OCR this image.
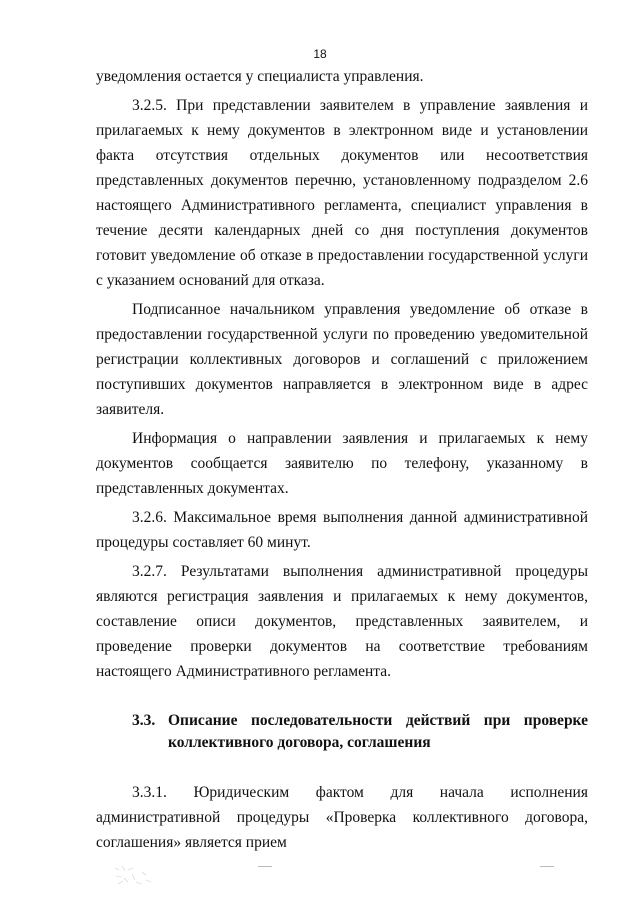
18

уведомления остается у специалиста управления.

3.2.5. При представлении заявителем в управление заявления и прилагаемых к нему документов в электронном виде и установлении факта отсутствия отдельных документов или несоответствия представленных документов перечню, установленному подразделом 2.6 настоящего Административного регламента, специалист управления в течение десяти календарных дней со дня поступления документов готовит уведомление об отказе в предоставлении государственной услуги с указанием оснований для отказа.

Подписанное начальником управления уведомление об отказе в предоставлении государственной услуги по проведению уведомительной регистрации коллективных договоров и соглашений с приложением поступивших документов направляется в электронном виде в адрес заявителя.

Информация о направлении заявления и прилагаемых к нему документов сообщается заявителю по телефону, указанному в представленных документах.

3.2.6. Максимальное время выполнения данной административной процедуры составляет 60 минут.

3.2.7. Результатами выполнения административной процедуры являются регистрация заявления и прилагаемых к нему документов, составление описи документов, представленных заявителем, и проведение проверки документов на соответствие требованиям настоящего Административного регламента.

3.3. Описание последовательности действий при проверке
коллективного договора, соглашения

3.3.1. Юридическим фактом для начала исполнения административной процедуры «Проверка коллективного договора, соглашения» является прием
